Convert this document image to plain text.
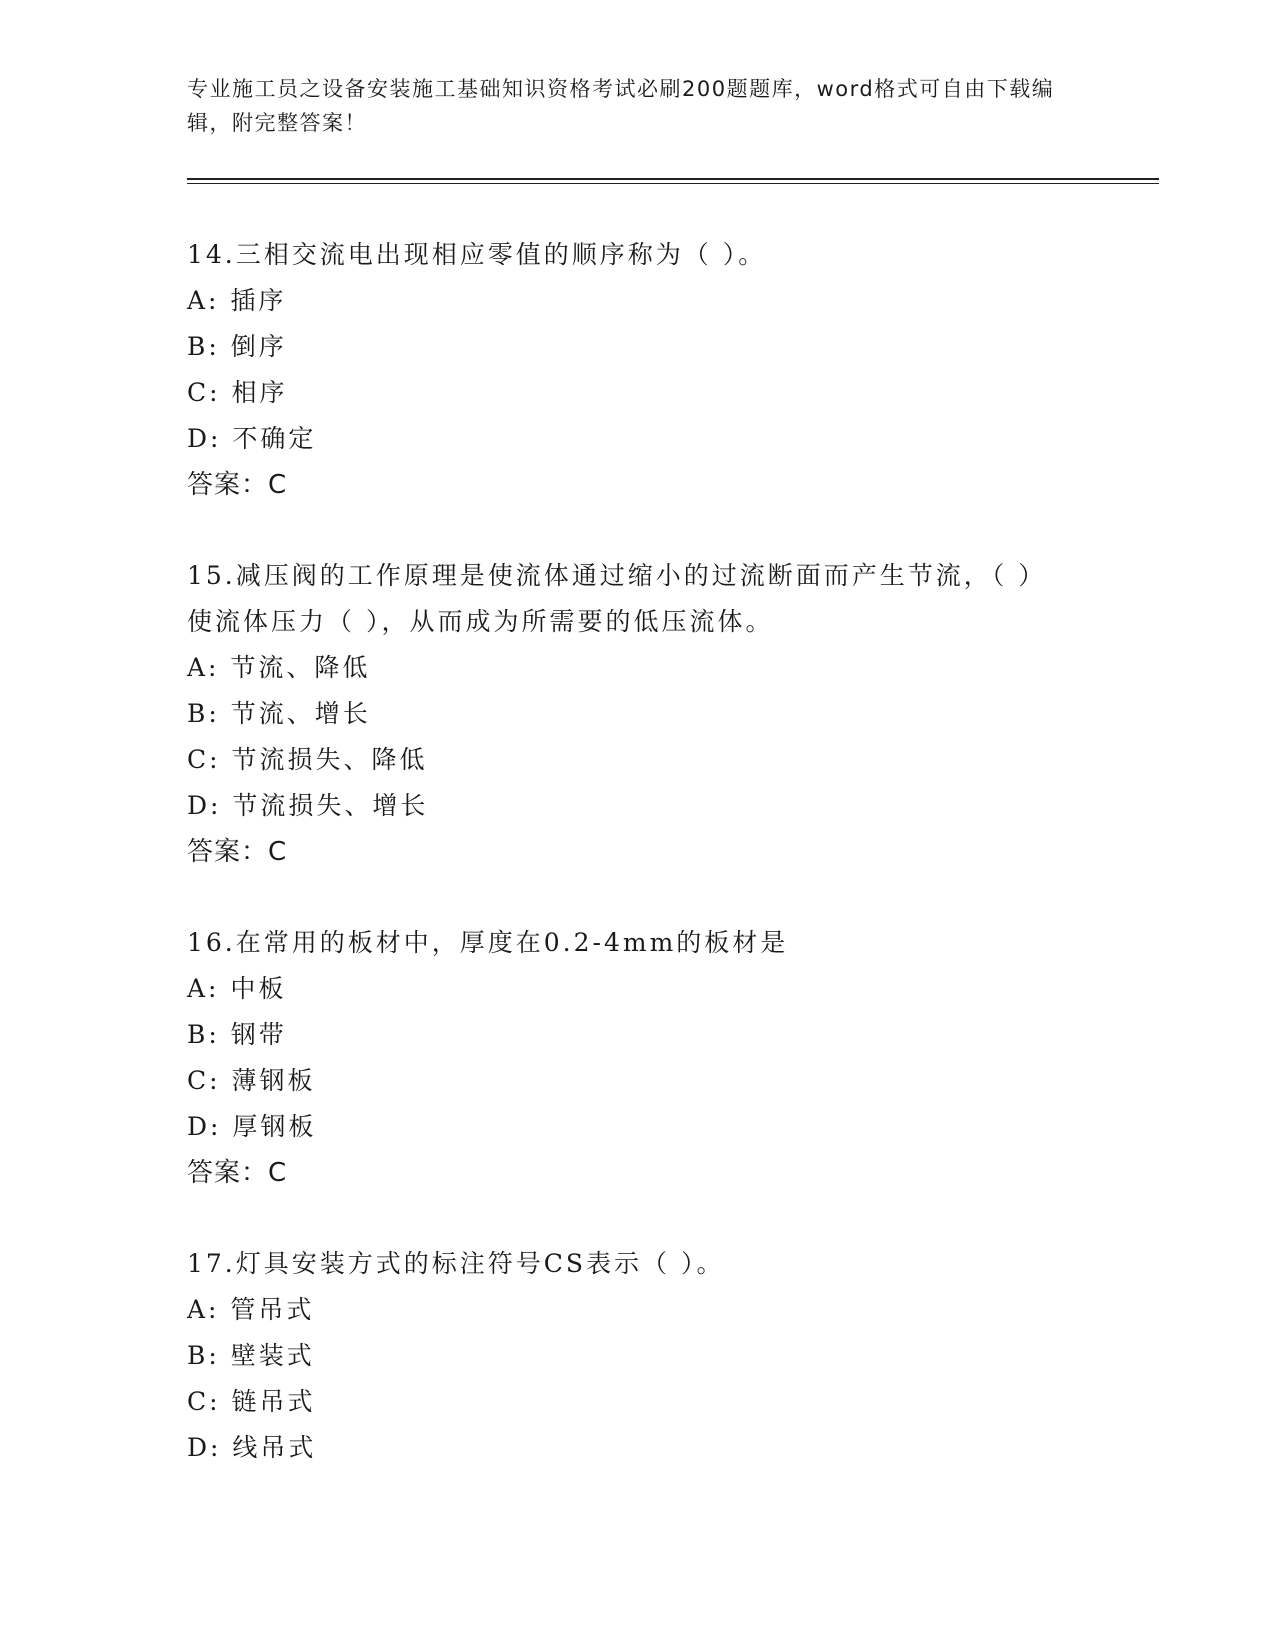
专业施工员之设备安装施工基础知识资格考试必刷200题题库，word格式可自由下载编辑，附完整答案！
14.三相交流电出现相应零值的顺序称为（ ）。
A: 插序
B: 倒序
C: 相序
D: 不确定
答案：C
15.减压阀的工作原理是使流体通过缩小的过流断面而产生节流，（ ）使流体压力（ ），从而成为所需要的低压流体。
A: 节流、降低
B: 节流、增长
C: 节流损失、降低
D: 节流损失、增长
答案：C
16.在常用的板材中，厚度在0.2-4mm的板材是
A: 中板
B: 钢带
C: 薄钢板
D: 厚钢板
答案：C
17.灯具安装方式的标注符号CS表示（ ）。
A: 管吊式
B: 壁装式
C: 链吊式
D: 线吊式
